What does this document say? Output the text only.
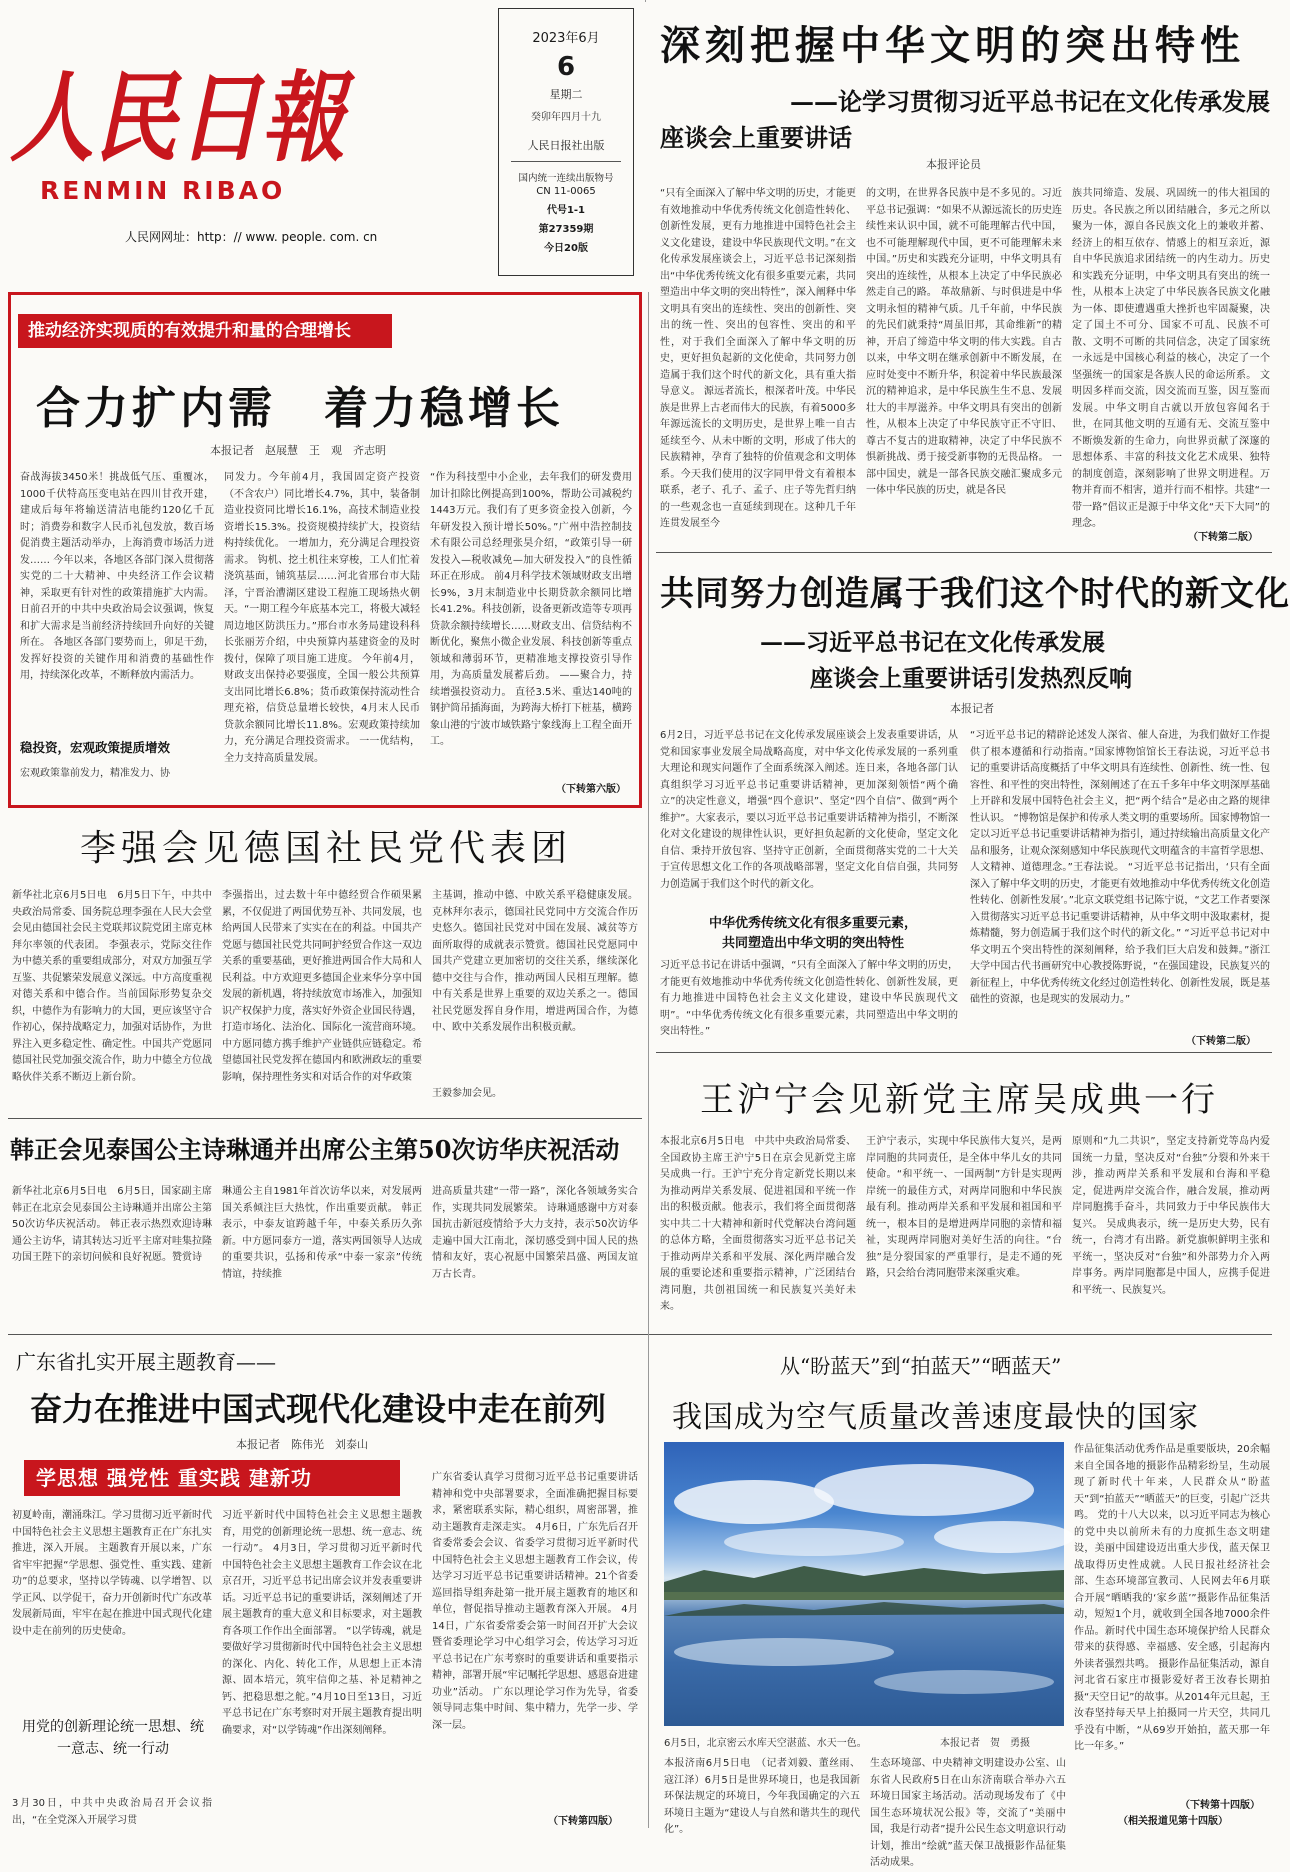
人民日報
RENMIN RIBAO
人民网网址：http：// www. people. com. cn
2023年6月
6
星期二
癸卯年四月十九
人民日报社出版
国内统一连续出版物号
CN 11-0065
代号1-1
第27359期
今日20版
深刻把握中华文明的突出特性
——论学习贯彻习近平总书记在文化传承发展
座谈会上重要讲话
本报评论员
“只有全面深入了解中华文明的历史，才能更有效地推动中华优秀传统文化创造性转化、创新性发展，更有力地推进中国特色社会主义文化建设，建设中华民族现代文明。”在文化传承发展座谈会上，习近平总书记深刻指出“中华优秀传统文化有很多重要元素，共同塑造出中华文明的突出特性”，深入阐释中华文明具有突出的连续性、突出的创新性、突出的统一性、突出的包容性、突出的和平性，对于我们全面深入了解中华文明的历史，更好担负起新的文化使命，共同努力创造属于我们这个时代的新文化，具有重大指导意义。 源远者流长，根深者叶茂。中华民族是世界上古老而伟大的民族，有着5000多年源远流长的文明历史，是世界上唯一自古延续至今、从未中断的文明，形成了伟大的民族精神，孕育了独特的价值观念和文明体系。今天我们使用的汉字同甲骨文有着根本联系，老子、孔子、孟子、庄子等先哲归纳的一些观念也一直延续到现在。这种几千年连贯发展至今
的文明，在世界各民族中是不多见的。习近平总书记强调：“如果不从源远流长的历史连续性来认识中国，就不可能理解古代中国，也不可能理解现代中国，更不可能理解未来中国。”历史和实践充分证明，中华文明具有突出的连续性，从根本上决定了中华民族必然走自己的路。 革故鼎新、与时俱进是中华文明永恒的精神气质。几千年前，中华民族的先民们就秉持“周虽旧邦，其命维新”的精神，开启了缔造中华文明的伟大实践。自古以来，中华文明在继承创新中不断发展，在应时处变中不断升华，积淀着中华民族最深沉的精神追求，是中华民族生生不息、发展壮大的丰厚滋养。中华文明具有突出的创新性，从根本上决定了中华民族守正不守旧、尊古不复古的进取精神，决定了中华民族不惧新挑战、勇于接受新事物的无畏品格。 一部中国史，就是一部各民族交融汇聚成多元一体中华民族的历史，就是各民
族共同缔造、发展、巩固统一的伟大祖国的历史。各民族之所以团结融合，多元之所以聚为一体，源自各民族文化上的兼收并蓄、经济上的相互依存、情感上的相互亲近，源自中华民族追求团结统一的内生动力。历史和实践充分证明，中华文明具有突出的统一性，从根本上决定了中华民族各民族文化融为一体、即使遭遇重大挫折也牢固凝聚，决定了国土不可分、国家不可乱、民族不可散、文明不可断的共同信念，决定了国家统一永远是中国核心利益的核心，决定了一个坚强统一的国家是各族人民的命运所系。 文明因多样而交流，因交流而互鉴，因互鉴而发展。中华文明自古就以开放包容闻名于世，在同其他文明的互通有无、交流互鉴中不断焕发新的生命力，向世界贡献了深邃的思想体系、丰富的科技文化艺术成果、独特的制度创造，深刻影响了世界文明进程。万物并育而不相害，道并行而不相悖。共建“一带一路”倡议正是源于中华文化“天下大同”的理念。
（下转第二版）
推动经济实现质的有效提升和量的合理增长
合力扩内需　着力稳增长
本报记者　赵展慧　王　观　齐志明
奋战海拔3450米！挑战低气压、重覆冰，1000千伏特高压变电站在四川甘孜开建，建成后每年将输送清洁电能约120亿千瓦时；消费券和数字人民币礼包发放，数百场促消费主题活动举办，上海消费市场活力迸发…… 今年以来，各地区各部门深入贯彻落实党的二十大精神、中央经济工作会议精神，采取更有针对性的政策措施扩大内需。 日前召开的中共中央政治局会议强调，恢复和扩大需求是当前经济持续回升向好的关键所在。 各地区各部门要势而上，卯足干劲，发挥好投资的关键作用和消费的基础性作用，持续深化改革，不断释放内需活力。
稳投资，宏观政策提质增效
宏观政策靠前发力，精准发力、协
同发力。今年前4月，我国固定资产投资（不含农户）同比增长4.7%，其中，装备制造业投资同比增长16.1%，高技术制造业投资增长15.3%。投资规模持续扩大，投资结构持续优化。 一增加力，充分满足合理投资需求。 钩机、挖土机往来穿梭，工人们忙着浇筑基面，铺筑基层……河北省邢台市大陆泽，宁晋治漕湖区建设工程施工现场热火朝天。“一期工程今年底基本完工，将极大减轻周边地区防洪压力。”邢台市水务局建设科科长张丽芳介绍，中央预算内基建资金的及时拨付，保障了项目施工进度。 今年前4月，财政支出保持必要强度，全国一般公共预算支出同比增长6.8%；货币政策保持流动性合理充裕，信贷总量增长较快，4月末人民币贷款余额同比增长11.8%。宏观政策持续加力，充分满足合理投资需求。 一一优结构，全力支持高质量发展。
“作为科技型中小企业，去年我们的研发费用加计扣除比例提高到100%，帮助公司减税约1443万元。我们有了更多资金投入创新，今年研发投入预计增长50%。”广州中浩控制技术有限公司总经理张昊介绍，“政策引导一研发投入—税收减免—加大研发投入”的良性循环正在形成。 前4月科学技术领域财政支出增长9%，3月末制造业中长期贷款余额同比增长41.2%。科技创新，设备更新改造等专项再贷款余额持续增长……财政支出、信贷结构不断优化，聚焦小微企业发展、科技创新等重点领域和薄弱环节，更精准地支撑投资引导作用，为高质量发展蓄后劲。 ——聚合力，持续增强投资动力。 直径3.5米、重达140吨的钢护筒吊插海面，为跨海大桥打下桩基，横跨象山港的宁波市域铁路宁象线海上工程全面开工。
（下转第六版）
共同努力创造属于我们这个时代的新文化
——习近平总书记在文化传承发展
座谈会上重要讲话引发热烈反响
本报记者
6月2日，习近平总书记在文化传承发展座谈会上发表重要讲话，从党和国家事业发展全局战略高度，对中华文化传承发展的一系列重大理论和现实问题作了全面系统深入阐述。连日来，各地各部门认真组织学习习近平总书记重要讲话精神，更加深刻领悟“两个确立”的决定性意义，增强“四个意识”、坚定“四个自信”、做到“两个维护”。大家表示，要以习近平总书记重要讲话精神为指引，不断深化对文化建设的规律性认识，更好担负起新的文化使命，坚定文化自信、秉持开放包容、坚持守正创新，全面贯彻落实党的二十大关于宣传思想文化工作的各项战略部署，坚定文化自信自强，共同努力创造属于我们这个时代的新文化。
中华优秀传统文化有很多重要元素，
共同塑造出中华文明的突出特性
习近平总书记在讲话中强调，“只有全面深入了解中华文明的历史，才能更有效地推动中华优秀传统文化创造性转化、创新性发展，更有力地推进中国特色社会主义文化建设，建设中华民族现代文明”。“中华优秀传统文化有很多重要元素，共同塑造出中华文明的突出特性。”
“习近平总书记的精辟论述发人深省、催人奋进，为我们做好工作提供了根本遵循和行动指南。”国家博物馆馆长王春法说，习近平总书记的重要讲话高度概括了中华文明具有连续性、创新性、统一性、包容性、和平性的突出特性，深刻阐述了在五千多年中华文明深厚基础上开辟和发展中国特色社会主义，把“两个结合”是必由之路的规律性认识。 “博物馆是保护和传承人类文明的重要场所。国家博物馆一定以习近平总书记重要讲话精神为指引，通过持续输出高质量文化产品和服务，让观众深刻感知中华民族现代文明蕴含的丰富哲学思想、人文精神、道德理念。”王春法说。 “习近平总书记指出，‘只有全面深入了解中华文明的历史，才能更有效地推动中华优秀传统文化创造性转化、创新性发展’。”北京文联党组书记陈宁说，“文艺工作者要深入贯彻落实习近平总书记重要讲话精神，从中华文明中汲取素材，提炼精髓，努力创造属于我们这个时代的新文化。” “习近平总书记对中华文明五个突出特性的深刻阐释，给予我们巨大启发和鼓舞。”浙江大学中国古代书画研究中心教授陈野说，“在强国建设，民族复兴的新征程上，中华优秀传统文化经过创造性转化、创新性发展，既是基础性的资源，也是现实的发展动力。”
（下转第二版）
李强会见德国社民党代表团
新华社北京6月5日电　6月5日下午，中共中央政治局常委、国务院总理李强在人民大会堂会见由德国社会民主党联邦议院党团主席克林拜尔率领的代表团。 李强表示，党际交往作为中德关系的重要组成部分，对双方加强互学互鉴、共促繁荣发展意义深远。中方高度重视对德关系和中德合作。当前国际形势复杂交织，中德作为有影响力的大国，更应该坚守合作初心，保持战略定力，加强对话协作，为世界注入更多稳定性、确定性。中国共产党愿同德国社民党加强交流合作，助力中德全方位战略伙伴关系不断迈上新台阶。
李强指出，过去数十年中德经贸合作硕果累累，不仅促进了两国优势互补、共同发展，也给两国人民带来了实实在在的利益。中国共产党愿与德国社民党共同呵护经贸合作这一双边关系的重要基础，更好推进两国合作大局和人民利益。中方欢迎更多德国企业来华分享中国发展的新机遇，将持续放宽市场准入，加强知识产权保护力度，落实好外资企业国民待遇，打造市场化、法治化、国际化一流营商环境。中方愿同德方携手维护产业链供应链稳定。希望德国社民党发挥在德国内和欧洲政坛的重要影响，保持理性务实和对话合作的对华政策
主基调，推动中德、中欧关系平稳健康发展。 克林拜尔表示，德国社民党同中方交流合作历史悠久。德国社民党对中国在发展、减贫等方面所取得的成就表示赞赏。德国社民党愿同中国共产党建立更加密切的交往关系，继续深化德中交往与合作，推动两国人民相互理解。德中有关系是世界上重要的双边关系之一。德国社民党愿发挥自身作用，增进两国合作，为德中、欧中关系发展作出积极贡献。
王毅参加会见。
韩正会见泰国公主诗琳通并出席公主第50次访华庆祝活动
新华社北京6月5日电　6月5日，国家副主席韩正在北京会见泰国公主诗琳通并出席公主第50次访华庆祝活动。 韩正表示热烈欢迎诗琳通公主访华，请其转达习近平主席对哇集拉隆功国王陛下的亲切问候和良好祝愿。赞赏诗
琳通公主自1981年首次访华以来，对发展两国关系倾注巨大热忱，作出重要贡献。 韩正表示，中泰友谊跨越千年，中泰关系历久弥新。中方愿同泰方一道，落实两国领导人达成的重要共识，弘扬和传承“中泰一家亲”传统情谊，持续推
进高质量共建“一带一路”，深化各领域务实合作，实现共同发展繁荣。 诗琳通感谢中方对泰国抗击新冠疫情给予大力支持，表示50次访华走遍中国大江南北，深切感受到中国人民的热情和友好，衷心祝愿中国繁荣昌盛、两国友谊万古长青。
王沪宁会见新党主席吴成典一行
本报北京6月5日电　中共中央政治局常委、全国政协主席王沪宁5日在京会见新党主席吴成典一行。王沪宁充分肯定新党长期以来为推动两岸关系发展、促进祖国和平统一作出的积极贡献。他表示，我们将全面贯彻落实中共二十大精神和新时代党解决台湾问题的总体方略，全面贯彻落实习近平总书记关于推动两岸关系和平发展、深化两岸融合发展的重要论述和重要指示精神，广泛团结台湾同胞，共创祖国统一和民族复兴美好未来。
王沪宁表示，实现中华民族伟大复兴，是两岸同胞的共同责任，是全体中华儿女的共同使命。“和平统一、一国两制”方针是实现两岸统一的最佳方式，对两岸同胞和中华民族最有利。推动两岸关系和平发展和祖国和平统一，根本目的是增进两岸同胞的亲情和福祉，实现两岸同胞对美好生活的向往。“台独”是分裂国家的严重罪行，是走不通的死路，只会给台湾同胞带来深重灾难。
原则和“九二共识”，坚定支持新党等岛内爱国统一力量，坚决反对“台独”分裂和外来干涉，推动两岸关系和平发展和台海和平稳定，促进两岸交流合作，融合发展，推动两岸同胞携手奋斗，共同致力于中华民族伟大复兴。 吴成典表示，统一是历史大势，民有统一，台湾才有出路。新党旗帜鲜明主张和平统一，坚决反对“台独”和外部势力介入两岸事务。两岸同胞都是中国人，应携手促进和平统一、民族复兴。
广东省扎实开展主题教育——
奋力在推进中国式现代化建设中走在前列
本报记者　陈伟光　刘泰山
学思想 强党性 重实践 建新功
初夏岭南，潮涌珠江。学习贯彻习近平新时代中国特色社会主义思想主题教育正在广东扎实推进，深入开展。 主题教育开展以来，广东省牢牢把握“学思想、强党性、重实践、建新功”的总要求，坚持以学铸魂、以学增智、以学正风、以学促干，奋力开创新时代广东改革发展新局面，牢牢在起在推进中国式现代化建设中走在前列的历史使命。
用党的创新理论统一思想、统一意志、统一行动
3月30日，中共中央政治局召开会议指出，“在全党深入开展学习贯
习近平新时代中国特色社会主义思想主题教育，用党的创新理论统一思想、统一意志、统一行动”。 4月3日，学习贯彻习近平新时代中国特色社会主义思想主题教育工作会议在北京召开，习近平总书记出席会议并发表重要讲话。习近平总书记的重要讲话，深刻阐述了开展主题教育的重大意义和目标要求，对主题教育各项工作作出全面部署。 “以学铸魂，就是要做好学习贯彻新时代中国特色社会主义思想的深化、内化、转化工作，从思想上正本清源、固本培元，筑牢信仰之基、补足精神之钙、把稳思想之舵。”4月10日至13日，习近平总书记在广东考察时对开展主题教育提出明确要求，对“以学铸魂”作出深刻阐释。
广东省委认真学习贯彻习近平总书记重要讲话精神和党中央部署要求，全面准确把握目标要求，紧密联系实际，精心组织，周密部署，推动主题教育走深走实。 4月6日，广东先后召开省委常委会会议、省委学习贯彻习近平新时代中国特色社会主义思想主题教育工作会议，传达学习习近平总书记重要讲话精神。21个省委巡回指导组奔赴第一批开展主题教育的地区和单位，督促指导推动主题教育深入开展。 4月14日，广东省委常委会第一时间召开扩大会议暨省委理论学习中心组学习会，传达学习习近平总书记在广东考察时的重要讲话和重要指示精神，部署开展“牢记嘱托学思想、感恩奋进建功业”活动。 广东以理论学习作为先导，省委领导同志集中时间、集中精力，先学一步、学深一层。
（下转第四版）
从“盼蓝天”到“拍蓝天”“晒蓝天”
我国成为空气质量改善速度最快的国家
6月5日，北京密云水库天空湛蓝、水天一色。	本报记者　贺　勇摄
本报济南6月5日电　（记者刘毅、董丝雨、寇江泽）6月5日是世界环境日，也是我国新环保法规定的环境日，今年我国确定的六五环境日主题为“建设人与自然和谐共生的现代化”。
生态环境部、中央精神文明建设办公室、山东省人民政府5日在山东济南联合举办六五环境日国家主场活动。活动现场发布了《中国生态环境状况公报》等，交流了“美丽中国，我是行动者”提升公民生态文明意识行动计划，推出“绘就”蓝天保卫战摄影作品征集活动成果。
作品征集活动优秀作品是重要版块，20余幅来自全国各地的摄影作品精彩纷呈，生动展现了新时代十年来，人民群众从“盼蓝天”到“拍蓝天”“晒蓝天”的巨变，引起广泛共鸣。 党的十八大以来，以习近平同志为核心的党中央以前所未有的力度抓生态文明建设，美丽中国建设迈出重大步伐，蓝天保卫战取得历史性成就。人民日报社经济社会部、生态环境部宣教司、人民网去年6月联合开展“晒晒我的‘家乡蓝’”摄影作品征集活动，短短1个月，就收到全国各地7000余件作品。新时代中国生态环境保护给人民群众带来的获得感、幸福感、安全感，引起海内外读者强烈共鸣。 摄影作品征集活动，源自河北省石家庄市摄影爱好者王汝春长期拍摄“天空日记”的故事。从2014年元旦起，王汝春坚持每天早上拍摄同一片天空，共同几乎没有中断，“从69岁开始拍，蓝天那一年比一年多。”
（下转第十四版）
（相关报道见第十四版）
